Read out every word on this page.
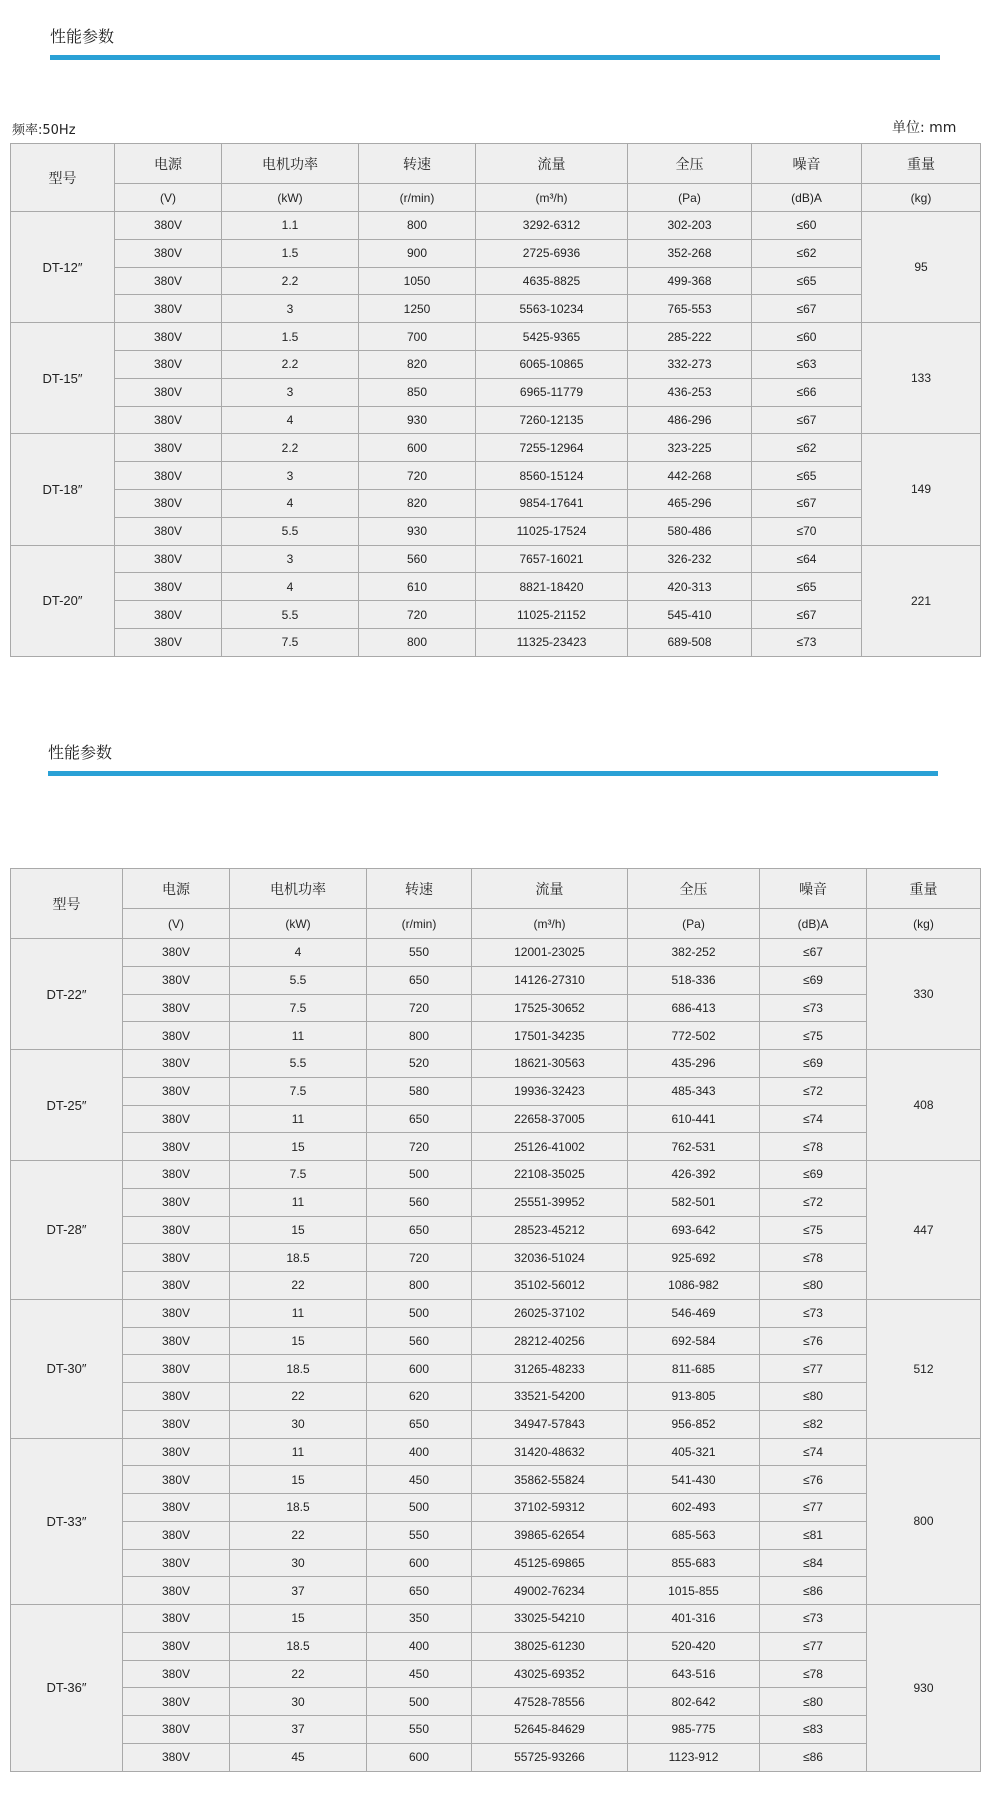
性能参数
频率:50Hz	单位: mm
型号	电源	电机功率	转速	流量	全压	噪音	重量
	(V)	(kW)	(r/min)	(m³/h)	(Pa)	(dB)A	(kg)
DT-12″	380V	1.1	800	3292-6312	302-203	≤60	95
	380V	1.5	900	2725-6936	352-268	≤62	
	380V	2.2	1050	4635-8825	499-368	≤65	
	380V	3	1250	5563-10234	765-553	≤67	
DT-15″	380V	1.5	700	5425-9365	285-222	≤60	133
	380V	2.2	820	6065-10865	332-273	≤63	
	380V	3	850	6965-11779	436-253	≤66	
	380V	4	930	7260-12135	486-296	≤67	
DT-18″	380V	2.2	600	7255-12964	323-225	≤62	149
	380V	3	720	8560-15124	442-268	≤65	
	380V	4	820	9854-17641	465-296	≤67	
	380V	5.5	930	11025-17524	580-486	≤70	
DT-20″	380V	3	560	7657-16021	326-232	≤64	221
	380V	4	610	8821-18420	420-313	≤65	
	380V	5.5	720	11025-21152	545-410	≤67	
	380V	7.5	800	11325-23423	689-508	≤73	
性能参数
型号	电源	电机功率	转速	流量	全压	噪音	重量
	(V)	(kW)	(r/min)	(m³/h)	(Pa)	(dB)A	(kg)
DT-22″	380V	4	550	12001-23025	382-252	≤67	330
	380V	5.5	650	14126-27310	518-336	≤69	
	380V	7.5	720	17525-30652	686-413	≤73	
	380V	11	800	17501-34235	772-502	≤75	
DT-25″	380V	5.5	520	18621-30563	435-296	≤69	408
	380V	7.5	580	19936-32423	485-343	≤72	
	380V	11	650	22658-37005	610-441	≤74	
	380V	15	720	25126-41002	762-531	≤78	
DT-28″	380V	7.5	500	22108-35025	426-392	≤69	447
	380V	11	560	25551-39952	582-501	≤72	
	380V	15	650	28523-45212	693-642	≤75	
	380V	18.5	720	32036-51024	925-692	≤78	
	380V	22	800	35102-56012	1086-982	≤80	
DT-30″	380V	11	500	26025-37102	546-469	≤73	512
	380V	15	560	28212-40256	692-584	≤76	
	380V	18.5	600	31265-48233	811-685	≤77	
	380V	22	620	33521-54200	913-805	≤80	
	380V	30	650	34947-57843	956-852	≤82	
DT-33″	380V	11	400	31420-48632	405-321	≤74	800
	380V	15	450	35862-55824	541-430	≤76	
	380V	18.5	500	37102-59312	602-493	≤77	
	380V	22	550	39865-62654	685-563	≤81	
	380V	30	600	45125-69865	855-683	≤84	
	380V	37	650	49002-76234	1015-855	≤86	
DT-36″	380V	15	350	33025-54210	401-316	≤73	930
	380V	18.5	400	38025-61230	520-420	≤77	
	380V	22	450	43025-69352	643-516	≤78	
	380V	30	500	47528-78556	802-642	≤80	
	380V	37	550	52645-84629	985-775	≤83	
	380V	45	600	55725-93266	1123-912	≤86	
